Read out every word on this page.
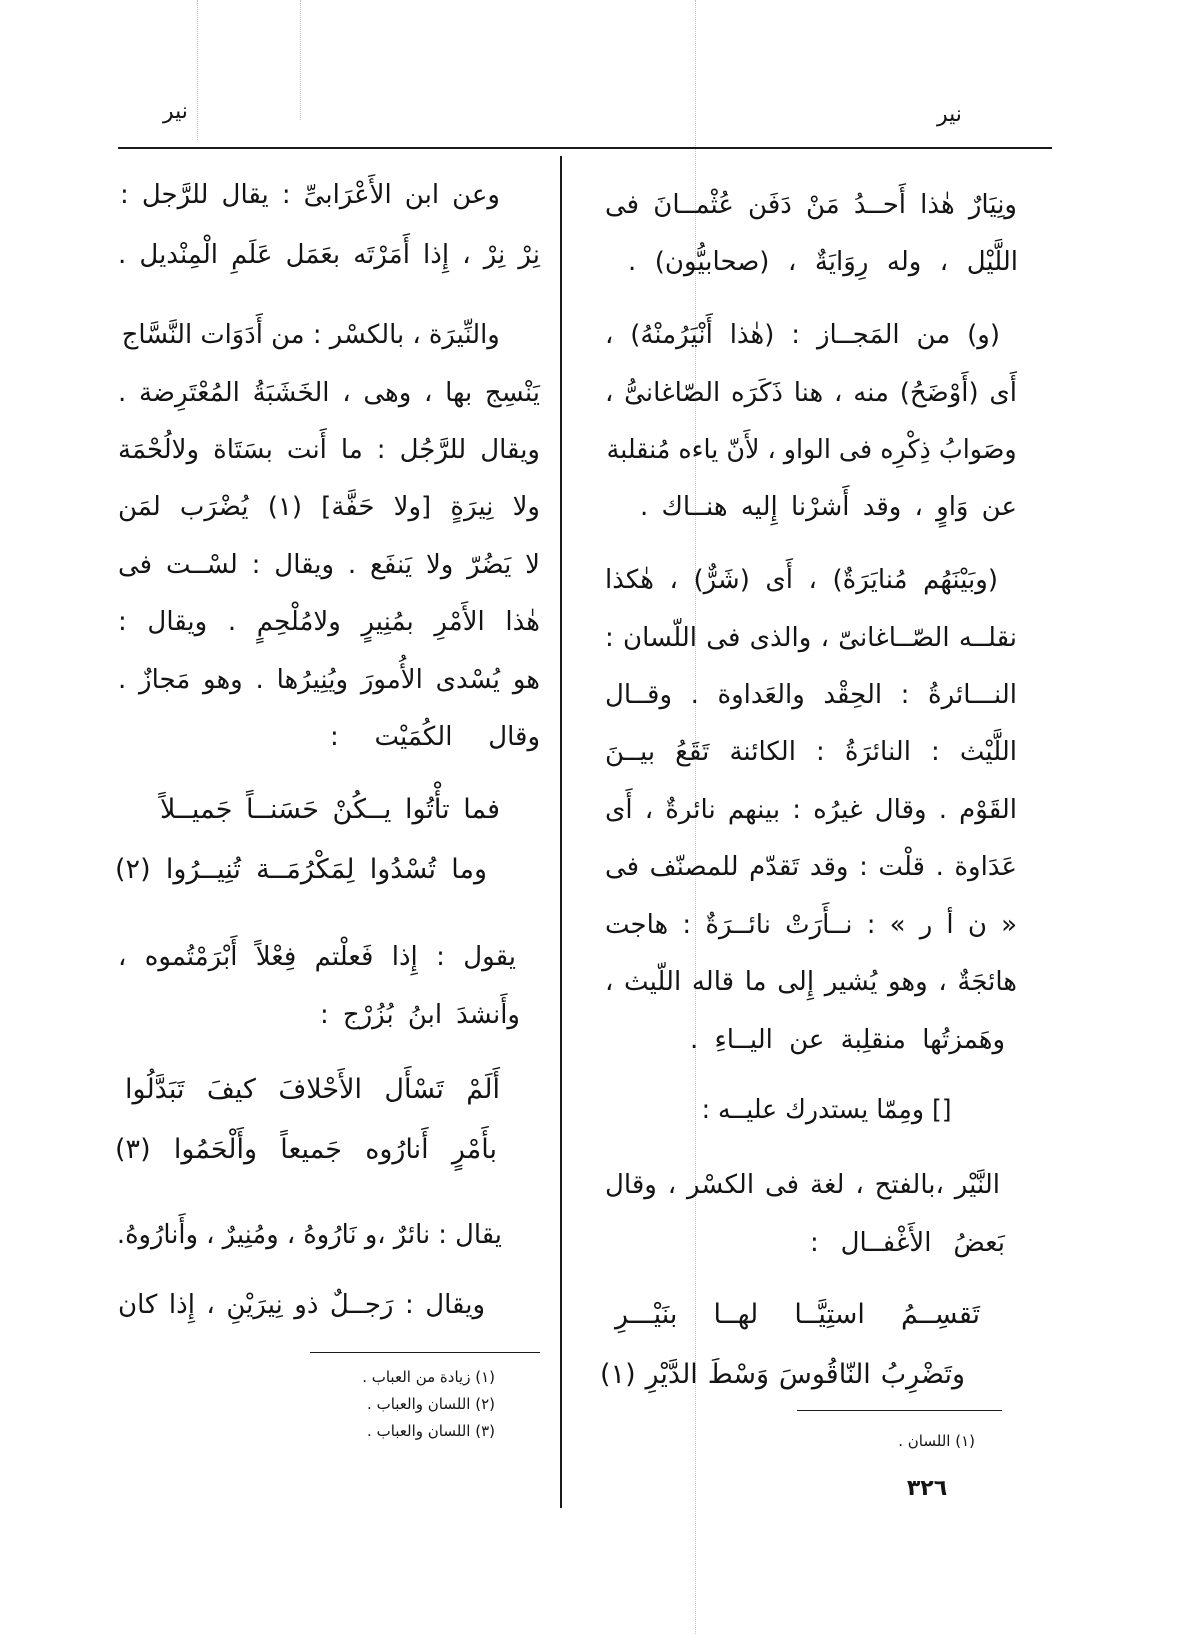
نير
نير
ونِيَارٌ هٰذا أَحــدُ مَنْ دَفَن عُثْمــانَ فى
اللَّيْل ، وله رِوَايَةٌ ، (صحابيُّون) .
(و) من المَجــاز : (هٰذا أَنْيَرُمنْهُ) ،
أَى (أَوْضَحُ) منه ، هنا ذَكَرَه الصّاغانىُّ ،
وصَوابُ ذِكْرِه فى الواو ، لأَنّ ياءه مُنقلبة
عن وَاوٍ ، وقد أَشرْنا إِليه هنــاك .
(وبَيْنَهُم مُنايَرَةٌ) ، أَى (شَرٌّ) ، هٰكذا
نقلــه الصّــاغانىّ ، والذى فى اللّسان :
النـــائرةُ : الحِقْد والعَداوة . وقــال
اللَّيْث : النائرَةُ : الكائنة تَقَعُ بيــنَ
القَوْم . وقال غيرُه : بينهم نائرةٌ ، أَى
عَدَاوة . قلْت : وقد تَقدّم للمصنّف فى
« ن أ ر » : نــأَرَتْ نائــرَةٌ : هاجت
هائجَةٌ ، وهو يُشير إِلى ما قاله اللّيث ،
وهَمزتُها منقلِبة عن اليــاءِ .
[] ومِمّا يستدرك عليــه :
النَّيْر ،بالفتح ، لغة فى الكسْر ، وقال
بَعضُ الأَغْفــال :
تَقسِــمُ استِيَّــا لهــا بنَيْـــرِ
وتَضْرِبُ النّاقُوسَ وَسْطَ الدَّيْرِ (١)
(١) اللسان .
وعن ابن الأَعْرَابىِّ : يقال للرَّجل :
نِرْ نِرْ ، إِذا أَمَرْتَه بعَمَل عَلَمِ الْمِنْديل .
والنِّيرَة ، بالكسْر : من أَدَوَات النَّسَّاج
يَنْسِج بها ، وهى ، الخَشَبَةُ المُعْتَرِضة .
ويقال للرَّجُل : ما أَنت بسَتَاة ولالُحْمَة
ولا نِيرَةٍ [ولا حَفَّة] (١) يُضْرَب لمَن
لا يَضُرّ ولا يَنفَع . ويقال : لسْــت فى
هٰذا الأَمْرِ بمُنِيرٍ ولامُلْحِمٍ . ويقال :
هو يُسْدى الأُمورَ ويُنِيرُها . وهو مَجازٌ .
وقال الكُمَيْت :
فما تأْتُوا يــكُنْ حَسَنــاً جَميــلاً
وما تُسْدُوا لِمَكْرُمَــة تُنِيــرُوا (٢)
يقول : إِذا فَعلْتم فِعْلاً أَبْرَمْتُموه ،
وأَنشدَ ابنُ بُزُرْج :
أَلَمْ تَسْأَل الأَحْلافَ كيفَ تَبَدَّلُوا
بأَمْرٍ أَنارُوه جَميعاً وأَلْحَمُوا (٣)
يقال : نائرٌ ،و نَارُوهُ ، ومُنِيرٌ ، وأَنارُوهُ.
ويقال : رَجــلٌ ذو نِيرَيْنِ ، إِذا كان
(١) زيادة من العباب .
(٢) اللسان والعباب .
(٣) اللسان والعباب .
٣٢٦
